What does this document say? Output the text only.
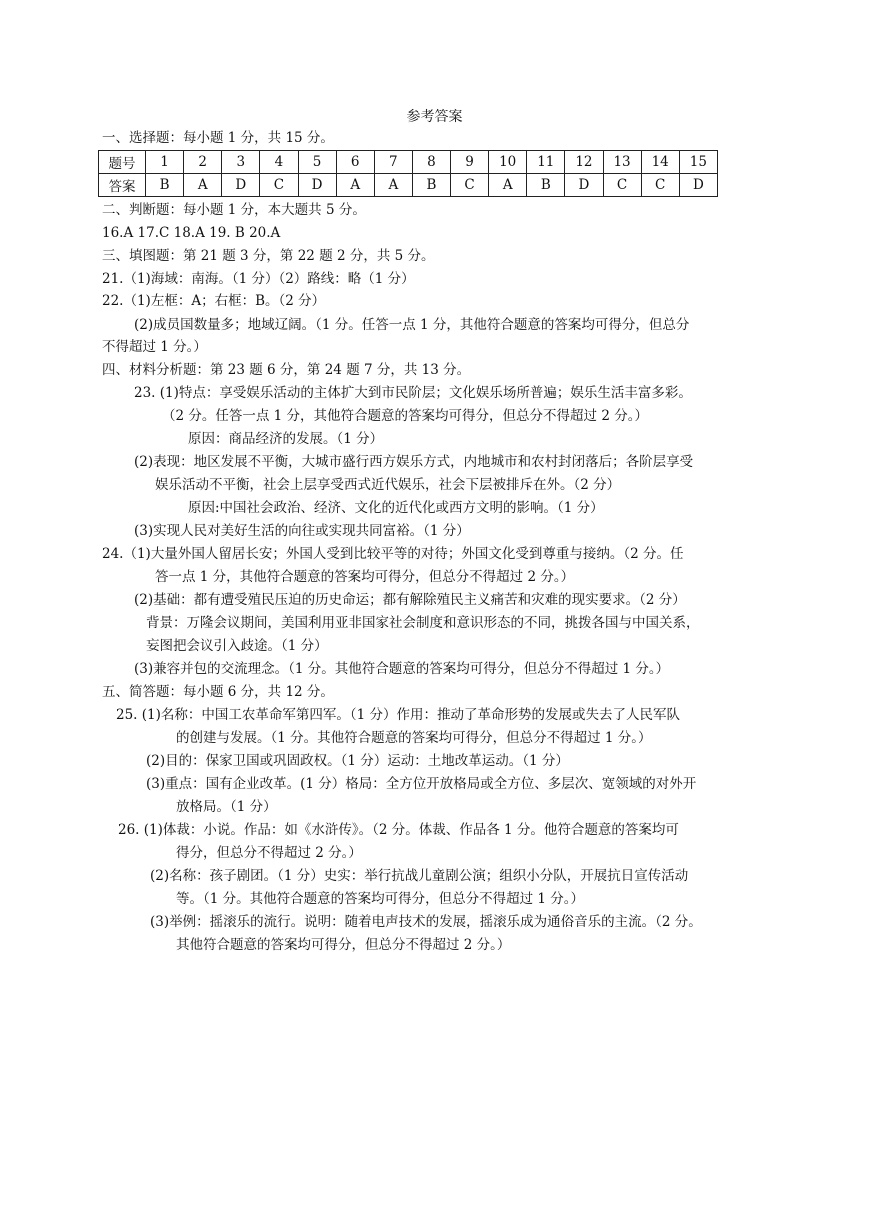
参考答案
一、选择题：每小题 1 分，共 15 分。
题号	1	2	3	4	5	6	7	8	9	10	11	12	13	14	15
答案	B	A	D	C	D	A	A	B	C	A	B	D	C	C	D
二、判断题：每小题 1 分，本大题共 5 分。
16.A 17.C 18.A 19. B 20.A
三、填图题：第 21 题 3 分，第 22 题 2 分，共 5 分。
21.（1)海域：南海。（1 分）（2）路线：略（1 分）
22.（1)左框：A；右框：B。（2 分）
(2)成员国数量多；地域辽阔。（1 分。任答一点 1 分，其他符合题意的答案均可得分，但总分
不得超过 1 分。）
四、材料分析题：第 23 题 6 分，第 24 题 7 分，共 13 分。
23. (1)特点：享受娱乐活动的主体扩大到市民阶层；文化娱乐场所普遍；娱乐生活丰富多彩。
（2 分。任答一点 1 分，其他符合题意的答案均可得分，但总分不得超过 2 分。）
原因：商品经济的发展。（1 分）
(2)表现：地区发展不平衡，大城市盛行西方娱乐方式，内地城市和农村封闭落后；各阶层享受
娱乐活动不平衡，社会上层享受西式近代娱乐，社会下层被排斥在外。（2 分）
原因:中国社会政治、经济、文化的近代化或西方文明的影响。（1 分）
(3)实现人民对美好生活的向往或实现共同富裕。（1 分）
24.（1)大量外国人留居长安；外国人受到比较平等的对待；外国文化受到尊重与接纳。（2 分。任
答一点 1 分，其他符合题意的答案均可得分，但总分不得超过 2 分。）
(2)基础：都有遭受殖民压迫的历史命运；都有解除殖民主义痛苦和灾难的现实要求。（2 分）
背景：万隆会议期间，美国利用亚非国家社会制度和意识形态的不同，挑拨各国与中国关系，
妄图把会议引入歧途。（1 分）
(3)兼容并包的交流理念。（1 分。其他符合题意的答案均可得分，但总分不得超过 1 分。）
五、简答题：每小题 6 分，共 12 分。
25. (1)名称：中国工农革命军第四军。（1 分）作用：推动了革命形势的发展或失去了人民军队
的创建与发展。（1 分。其他符合题意的答案均可得分，但总分不得超过 1 分。）
(2)目的：保家卫国或巩固政权。（1 分）运动：土地改革运动。（1 分）
(3)重点：国有企业改革。(1 分）格局：全方位开放格局或全方位、多层次、宽领域的对外开
放格局。（1 分）
26. (1)体裁：小说。作品：如《水浒传》。（2 分。体裁、作品各 1 分。他符合题意的答案均可
得分，但总分不得超过 2 分。）
(2)名称：孩子剧团。（1 分）史实：举行抗战儿童剧公演；组织小分队，开展抗日宣传活动
等。（1 分。其他符合题意的答案均可得分，但总分不得超过 1 分。）
(3)举例：摇滚乐的流行。说明：随着电声技术的发展，摇滚乐成为通俗音乐的主流。（2 分。
其他符合题意的答案均可得分，但总分不得超过 2 分。）
